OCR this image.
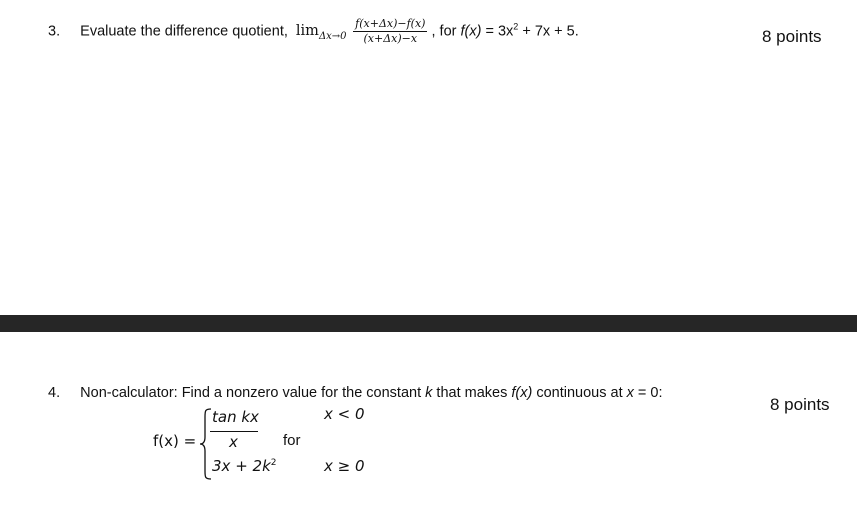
3. Evaluate the difference quotient, $\lim_{\Delta x\to 0} \frac{f(x+\Delta x)-f(x)}{(x+\Delta x)-x}$ , for $f(x) = 3x^2 + 7x + 5$.	8 points
4. Non-calculator: Find a nonzero value for the constant k that makes f(x) continuous at x = 0:
8 points
f(x) =
tan kx
x
x < 0
for
$3x + 2k^2$	x ≥ 0
